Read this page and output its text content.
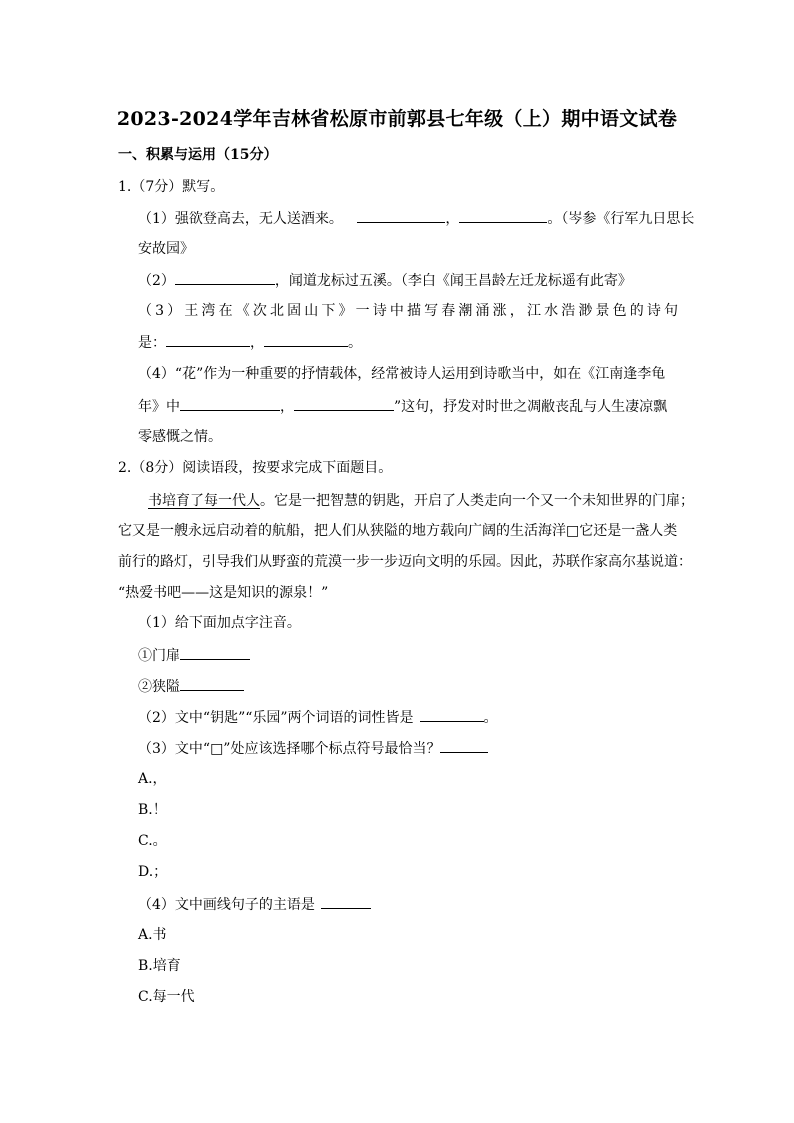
2023-2024学年吉林省松原市前郭县七年级（上）期中语文试卷
一、积累与运用（15分）
1.（7分）默写。
（1）强欲登高去，无人送酒来。	，	。（岑参《行军九日思长
安故园》
（2）	，闻道龙标过五溪。（李白《闻王昌龄左迁龙标遥有此寄》
（3）王湾在《次北固山下》一诗中描写春潮涌涨，江水浩渺景色的诗句
是：	，	。
（4）“花”作为一种重要的抒情载体，经常被诗人运用到诗歌当中，如在《江南逢李龟
年》中	，	”这句，抒发对时世之凋敝丧乱与人生凄凉飘
零感慨之情。
2.（8分）阅读语段，按要求完成下面题目。
书培育了每一代人。它是一把智慧的钥匙，开启了人类走向一个又一个未知世界的门扉；
它又是一艘永远启动着的航船，把人们从狭隘的地方载向广阔的生活海洋□它还是一盏人类
前行的路灯，引导我们从野蛮的荒漠一步一步迈向文明的乐园。因此，苏联作家高尔基说道：
“热爱书吧——这是知识的源泉！”
（1）给下面加点字注音。
①门扉
②狭隘
（2）文中“钥匙”“乐园”两个词语的词性皆是	。
（3）文中“□”处应该选择哪个标点符号最恰当？
A.，
B.！
C.。
D.；
（4）文中画线句子的主语是
A.书
B.培育
C.每一代
